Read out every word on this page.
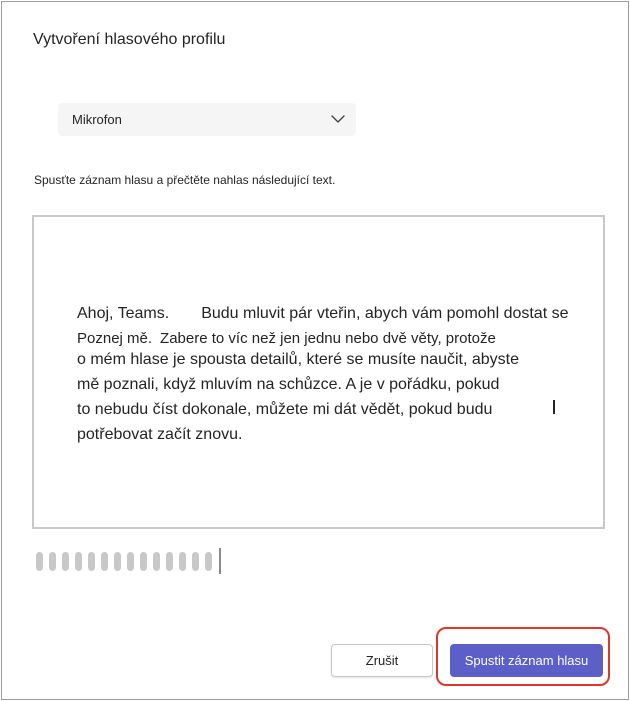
Vytvoření hlasového profilu
Mikrofon
Spusťte záznam hlasu a přečtěte nahlas následující text.
Ahoj, Teams. Budu mluvit pár vteřin, abych vám pomohl dostat se
Poznej mě. Zabere to víc než jen jednu nebo dvě věty, protože
o mém hlase je spousta detailů, které se musíte naučit, abyste
mě poznali, když mluvím na schůzce. A je v pořádku, pokud
to nebudu číst dokonale, můžete mi dát vědět, pokud budu
potřebovat začít znovu.
Zrušit	Spustit záznam hlasu
